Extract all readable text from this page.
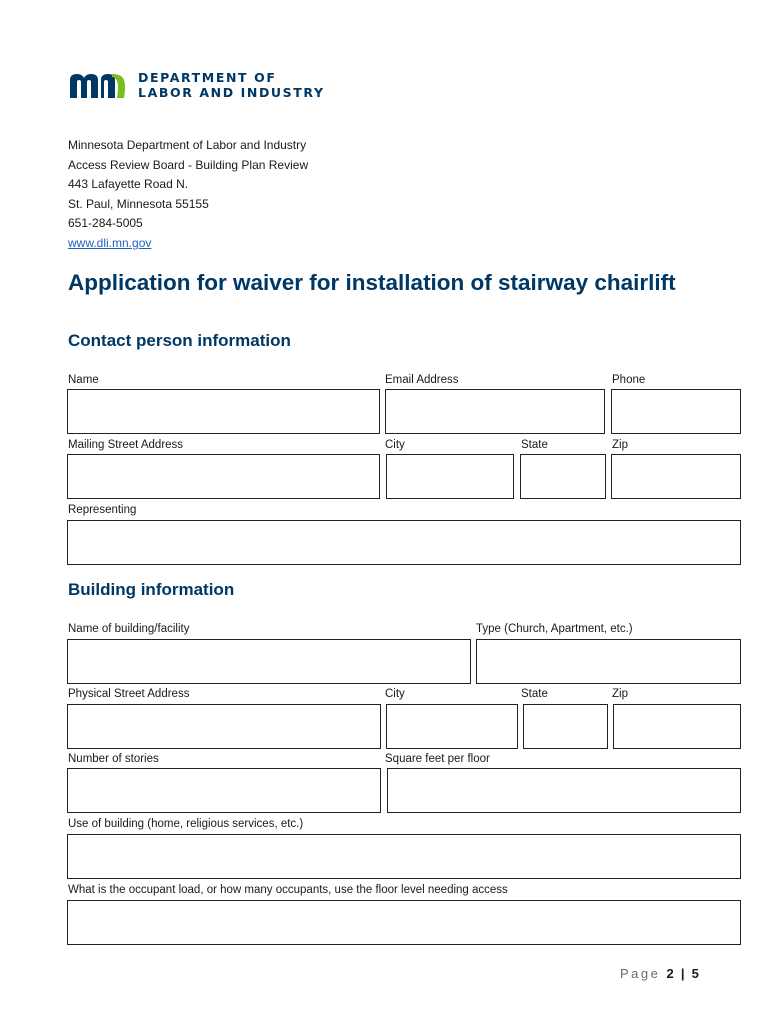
DEPARTMENT OF
LABOR AND INDUSTRY
Minnesota Department of Labor and Industry
Access Review Board - Building Plan Review
443 Lafayette Road N.
St. Paul, Minnesota 55155
651-284-5005
www.dli.mn.gov
Application for waiver for installation of stairway chairlift
Contact person information
Name	Email Address	Phone
Mailing Street Address	City	State	Zip
Representing
Building information
Name of building/facility	Type (Church, Apartment, etc.)
Physical Street Address	City	State	Zip
Number of stories	Square feet per floor
Use of building (home, religious services, etc.)
What is the occupant load, or how many occupants, use the floor level needing access
Page 2 | 5
